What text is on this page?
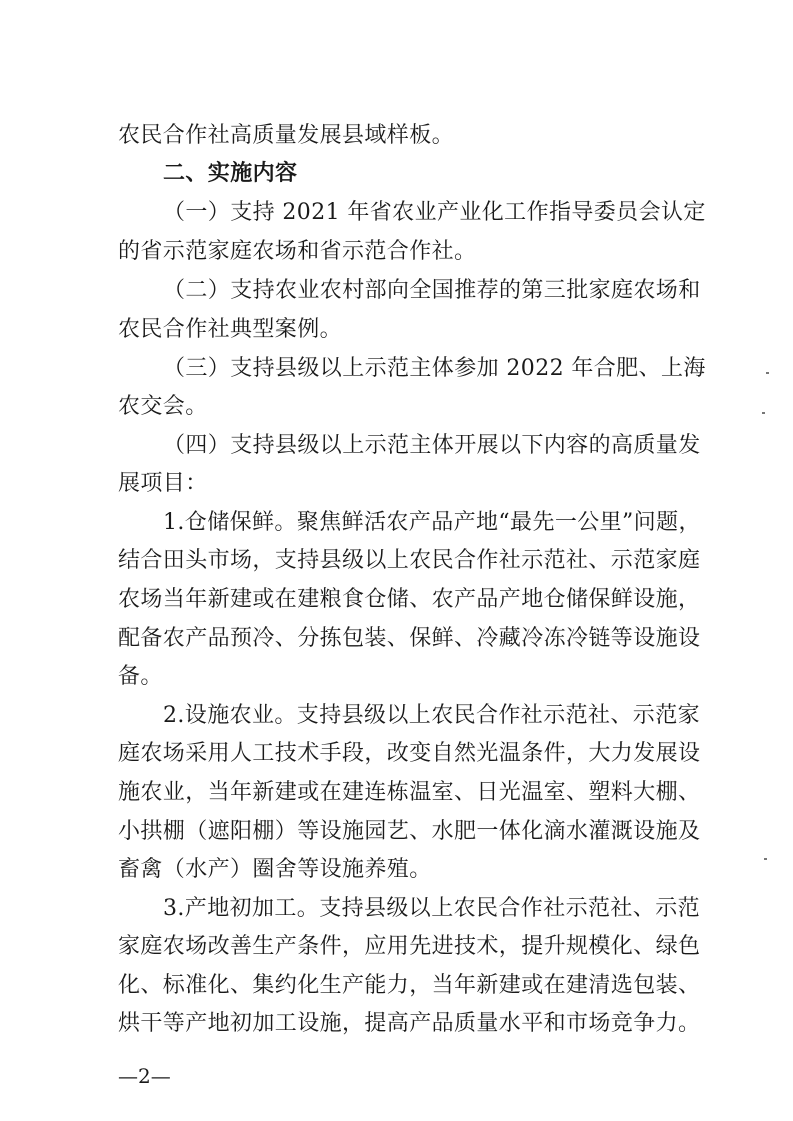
农民合作社高质量发展县域样板。
二、实施内容
（一）支持 2021 年省农业产业化工作指导委员会认定
的省示范家庭农场和省示范合作社。
（二）支持农业农村部向全国推荐的第三批家庭农场和
农民合作社典型案例。
（三）支持县级以上示范主体参加 2022 年合肥、上海
农交会。
（四）支持县级以上示范主体开展以下内容的高质量发
展项目：
1.仓储保鲜。聚焦鲜活农产品产地“最先一公里”问题，
结合田头市场，支持县级以上农民合作社示范社、示范家庭
农场当年新建或在建粮食仓储、农产品产地仓储保鲜设施，
配备农产品预冷、分拣包装、保鲜、冷藏冷冻冷链等设施设
备。
2.设施农业。支持县级以上农民合作社示范社、示范家
庭农场采用人工技术手段，改变自然光温条件，大力发展设
施农业，当年新建或在建连栋温室、日光温室、塑料大棚、
小拱棚（遮阳棚）等设施园艺、水肥一体化滴水灌溉设施及
畜禽（水产）圈舍等设施养殖。
3.产地初加工。支持县级以上农民合作社示范社、示范
家庭农场改善生产条件，应用先进技术，提升规模化、绿色
化、标准化、集约化生产能力，当年新建或在建清选包装、
烘干等产地初加工设施，提高产品质量水平和市场竞争力。
—2—
